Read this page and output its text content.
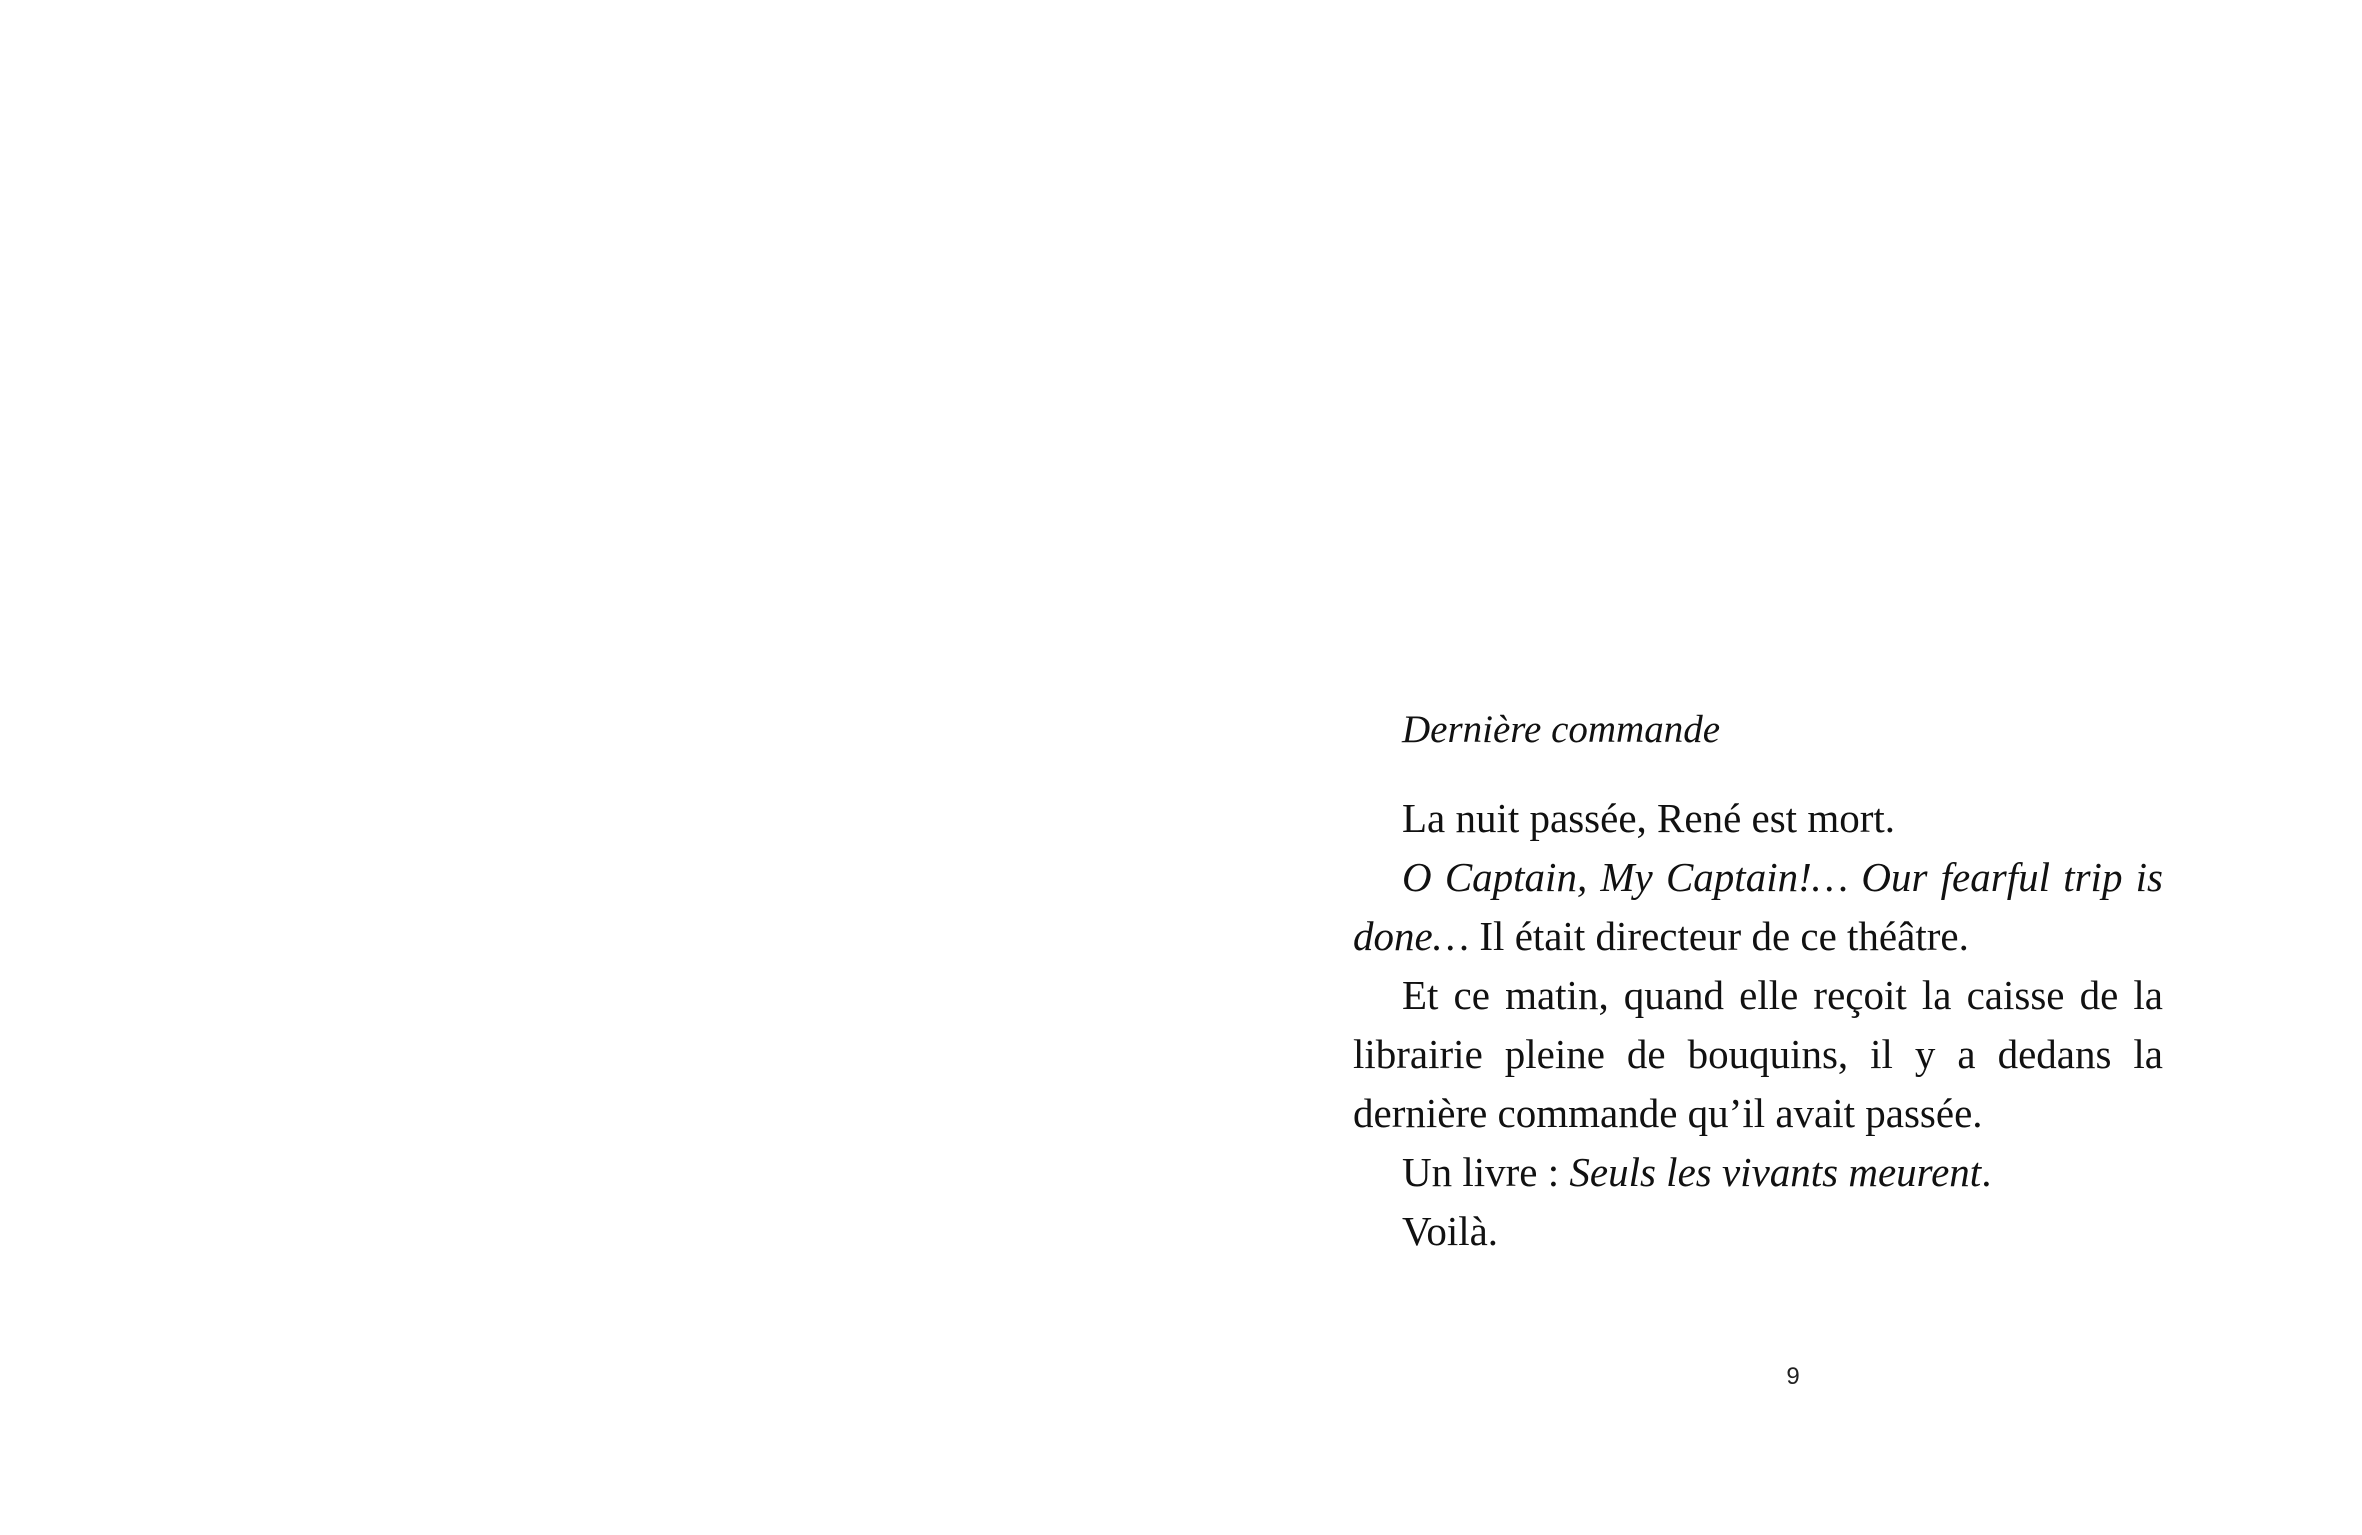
Dernière commande

La nuit passée, René est mort.

O Captain, My Captain!… Our fearful trip is done… Il était directeur de ce théâtre.

Et ce matin, quand elle reçoit la caisse de la librairie pleine de bouquins, il y a dedans la dernière commande qu’il avait passée.

Un livre : Seuls les vivants meurent.

Voilà.

9
